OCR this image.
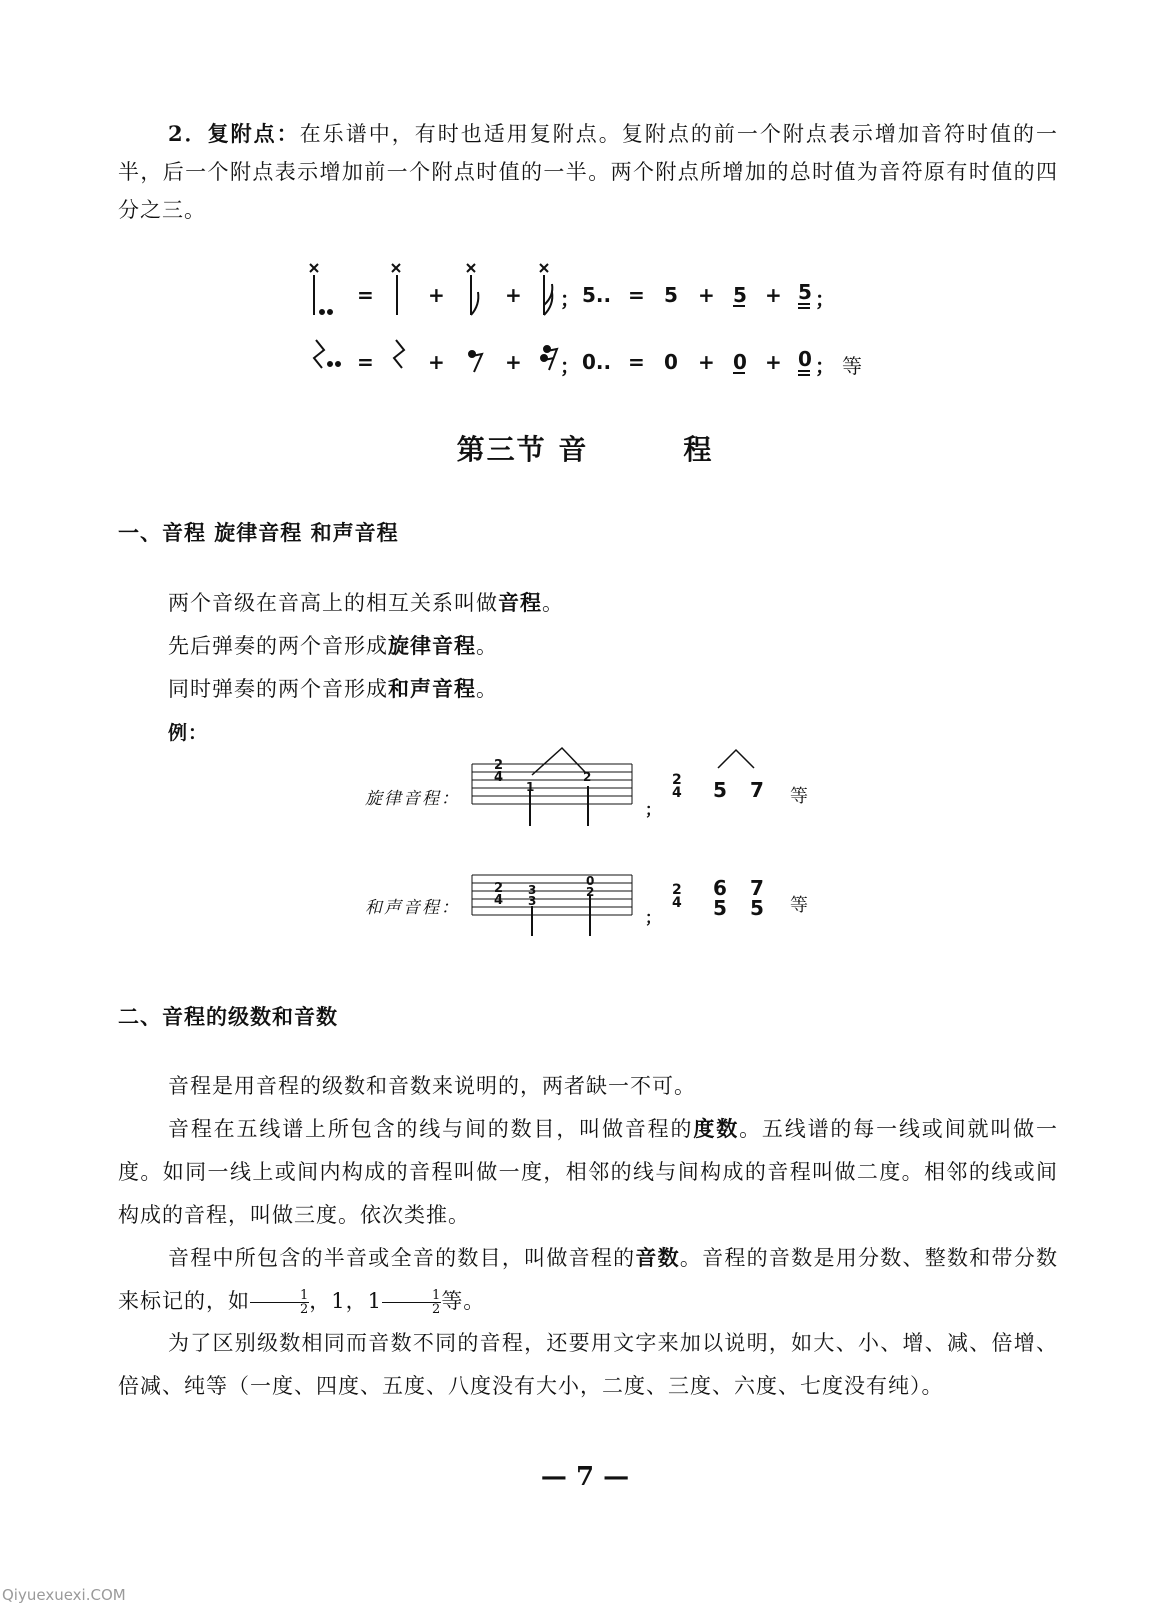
2．复附点：在乐谱中，有时也适用复附点。复附点的前一个附点表示增加音符时值的一半，后一个附点表示增加前一个附点时值的一半。两个附点所增加的总时值为音符原有时值的四分之三。
=	+	+ ； 5.. = 5 + 5 + 5 ；
=	+	+ ； 0.. = 0 + 0 + 0 ； 等
第三节 音	程
一、音程 旋律音程 和声音程
两个音级在音高上的相互关系叫做音程。
先后弹奏的两个音形成旋律音程。
同时弹奏的两个音形成和声音程。
例：
旋律音程：
2
4
1
2
；
2
4 5 7 等
和声音程：
2
4
3
3
0
2
；
2
4
6
5
7
5 等
二、音程的级数和音数
音程是用音程的级数和音数来说明的，两者缺一不可。
音程在五线谱上所包含的线与间的数目，叫做音程的度数。五线谱的每一线或间就叫做一度。如同一线上或间内构成的音程叫做一度，相邻的线与间构成的音程叫做二度。相邻的线或间构成的音程，叫做三度。依次类推。
音程中所包含的半音或全音的数目，叫做音程的音数。音程的音数是用分数、整数和带分数来标记的，如 $\frac{1}{2}$ ，1，$1 \frac{1}{2}$ 等。
为了区别级数相同而音数不同的音程，还要用文字来加以说明，如大、小、增、减、倍增、倍减、纯等（一度、四度、五度、八度没有大小，二度、三度、六度、七度没有纯）。
— 7 —
Qiyuexuexi.COM
